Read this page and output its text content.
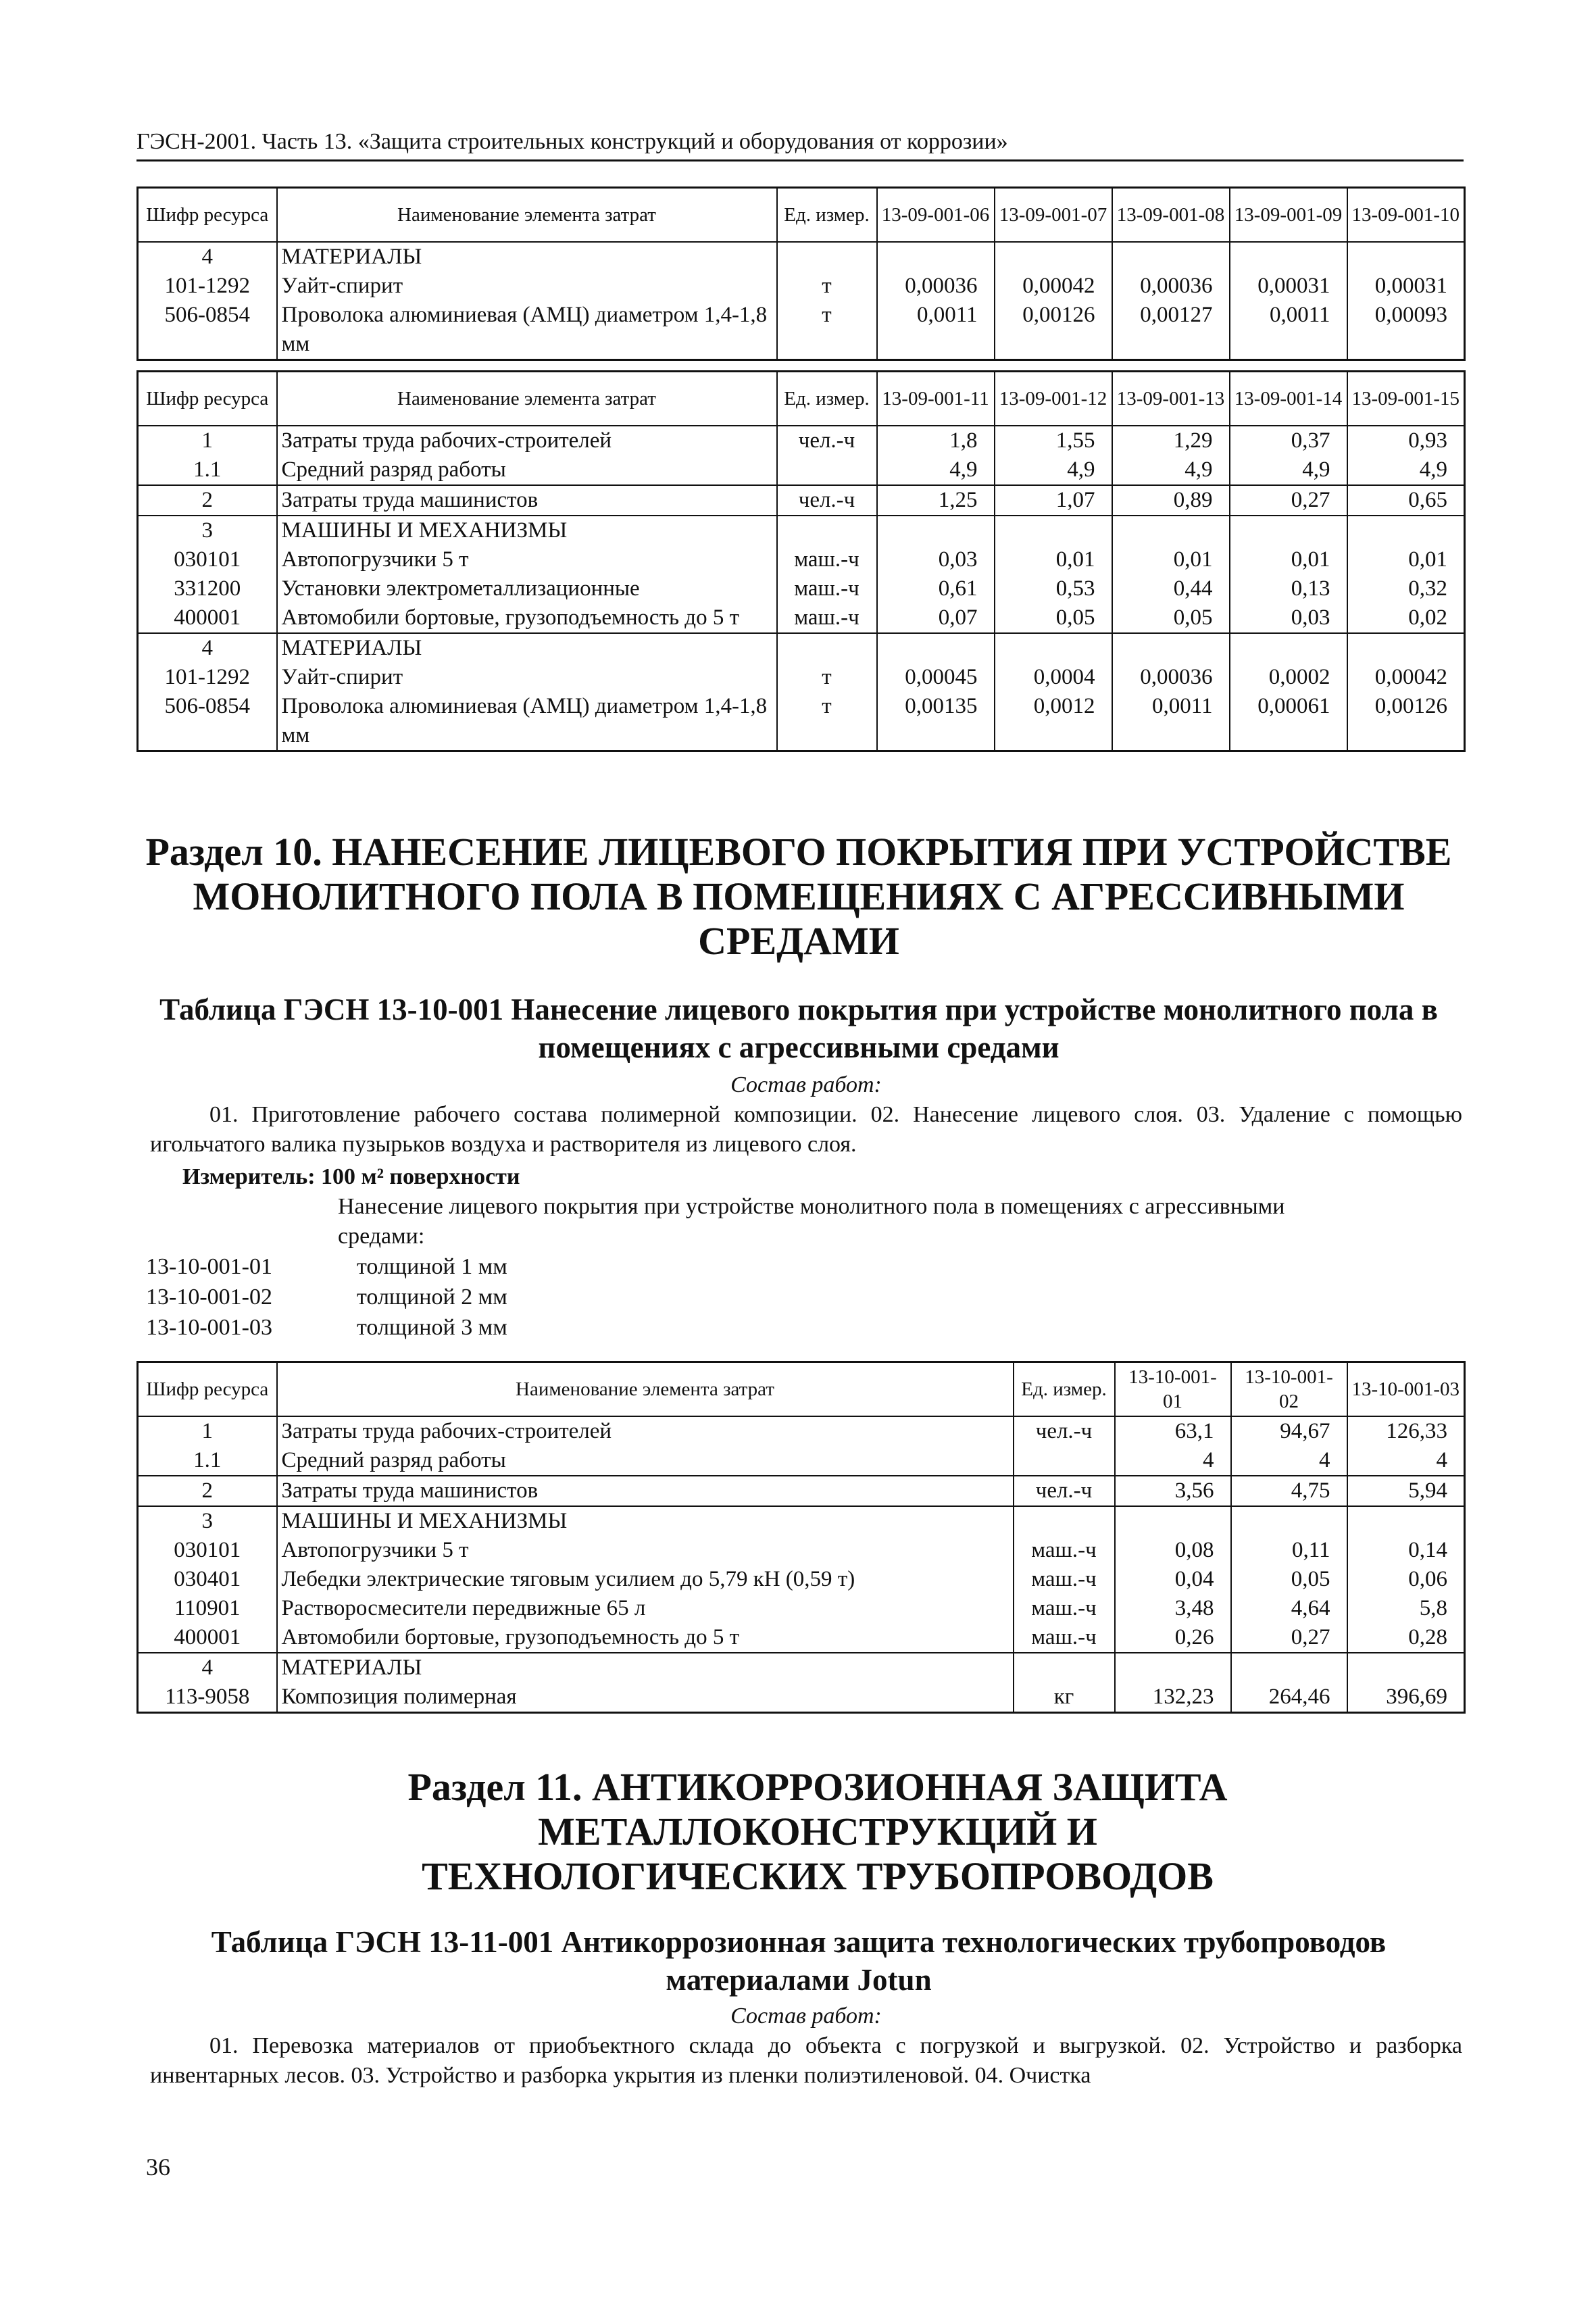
ГЭСН-2001. Часть 13. «Защита строительных конструкций и оборудования от коррозии»
Шифр ресурса	Наименование элемента затрат	Ед. измер.	13-09-001-06	13-09-001-07	13-09-001-08	13-09-001-09	13-09-001-10
4	МАТЕРИАЛЫ						
101-1292	Уайт-спирит	т	0,00036	0,00042	0,00036	0,00031	0,00031
506-0854	Проволока алюминиевая (АМЦ) диаметром 1,4-1,8 мм	т	0,0011	0,00126	0,00127	0,0011	0,00093
Шифр ресурса	Наименование элемента затрат	Ед. измер.	13-09-001-11	13-09-001-12	13-09-001-13	13-09-001-14	13-09-001-15
1	Затраты труда рабочих-строителей	чел.-ч	1,8	1,55	1,29	0,37	0,93
1.1	Средний разряд работы		4,9	4,9	4,9	4,9	4,9
2	Затраты труда машинистов	чел.-ч	1,25	1,07	0,89	0,27	0,65
3	МАШИНЫ И МЕХАНИЗМЫ						
030101	Автопогрузчики 5 т	маш.-ч	0,03	0,01	0,01	0,01	0,01
331200	Установки электрометаллизационные	маш.-ч	0,61	0,53	0,44	0,13	0,32
400001	Автомобили бортовые, грузоподъемность до 5 т	маш.-ч	0,07	0,05	0,05	0,03	0,02
4	МАТЕРИАЛЫ						
101-1292	Уайт-спирит	т	0,00045	0,0004	0,00036	0,0002	0,00042
506-0854	Проволока алюминиевая (АМЦ) диаметром 1,4-1,8 мм	т	0,00135	0,0012	0,0011	0,00061	0,00126
Раздел 10. НАНЕСЕНИЕ ЛИЦЕВОГО ПОКРЫТИЯ ПРИ УСТРОЙСТВЕ МОНОЛИТНОГО ПОЛА В ПОМЕЩЕНИЯХ С АГРЕССИВНЫМИ СРЕДАМИ
Таблица ГЭСН 13-10-001 Нанесение лицевого покрытия при устройстве монолитного пола в помещениях с агрессивными средами
Состав работ:
01. Приготовление рабочего состава полимерной композиции. 02. Нанесение лицевого слоя. 03. Удаление с помощью игольчатого валика пузырьков воздуха и растворителя из лицевого слоя.
Измеритель: 100 м² поверхности
Нанесение лицевого покрытия при устройстве монолитного пола в помещениях с агрессивными средами:
13-10-001-01	толщиной 1 мм
13-10-001-02	толщиной 2 мм
13-10-001-03	толщиной 3 мм
Шифр ресурса	Наименование элемента затрат	Ед. измер.	13-10-001-01	13-10-001-02	13-10-001-03
1	Затраты труда рабочих-строителей	чел.-ч	63,1	94,67	126,33
1.1	Средний разряд работы		4	4	4
2	Затраты труда машинистов	чел.-ч	3,56	4,75	5,94
3	МАШИНЫ И МЕХАНИЗМЫ				
030101	Автопогрузчики 5 т	маш.-ч	0,08	0,11	0,14
030401	Лебедки электрические тяговым усилием до 5,79 кН (0,59 т)	маш.-ч	0,04	0,05	0,06
110901	Растворосмесители передвижные 65 л	маш.-ч	3,48	4,64	5,8
400001	Автомобили бортовые, грузоподъемность до 5 т	маш.-ч	0,26	0,27	0,28
4	МАТЕРИАЛЫ				
113-9058	Композиция полимерная	кг	132,23	264,46	396,69
Раздел 11. АНТИКОРРОЗИОННАЯ ЗАЩИТА МЕТАЛЛОКОНСТРУКЦИЙ И ТЕХНОЛОГИЧЕСКИХ ТРУБОПРОВОДОВ
Таблица ГЭСН 13-11-001 Антикоррозионная защита технологических трубопроводов материалами Jotun
Состав работ:
01. Перевозка материалов от приобъектного склада до объекта с погрузкой и выгрузкой. 02. Устройство и разборка инвентарных лесов. 03. Устройство и разборка укрытия из пленки полиэтиленовой. 04. Очистка
36
